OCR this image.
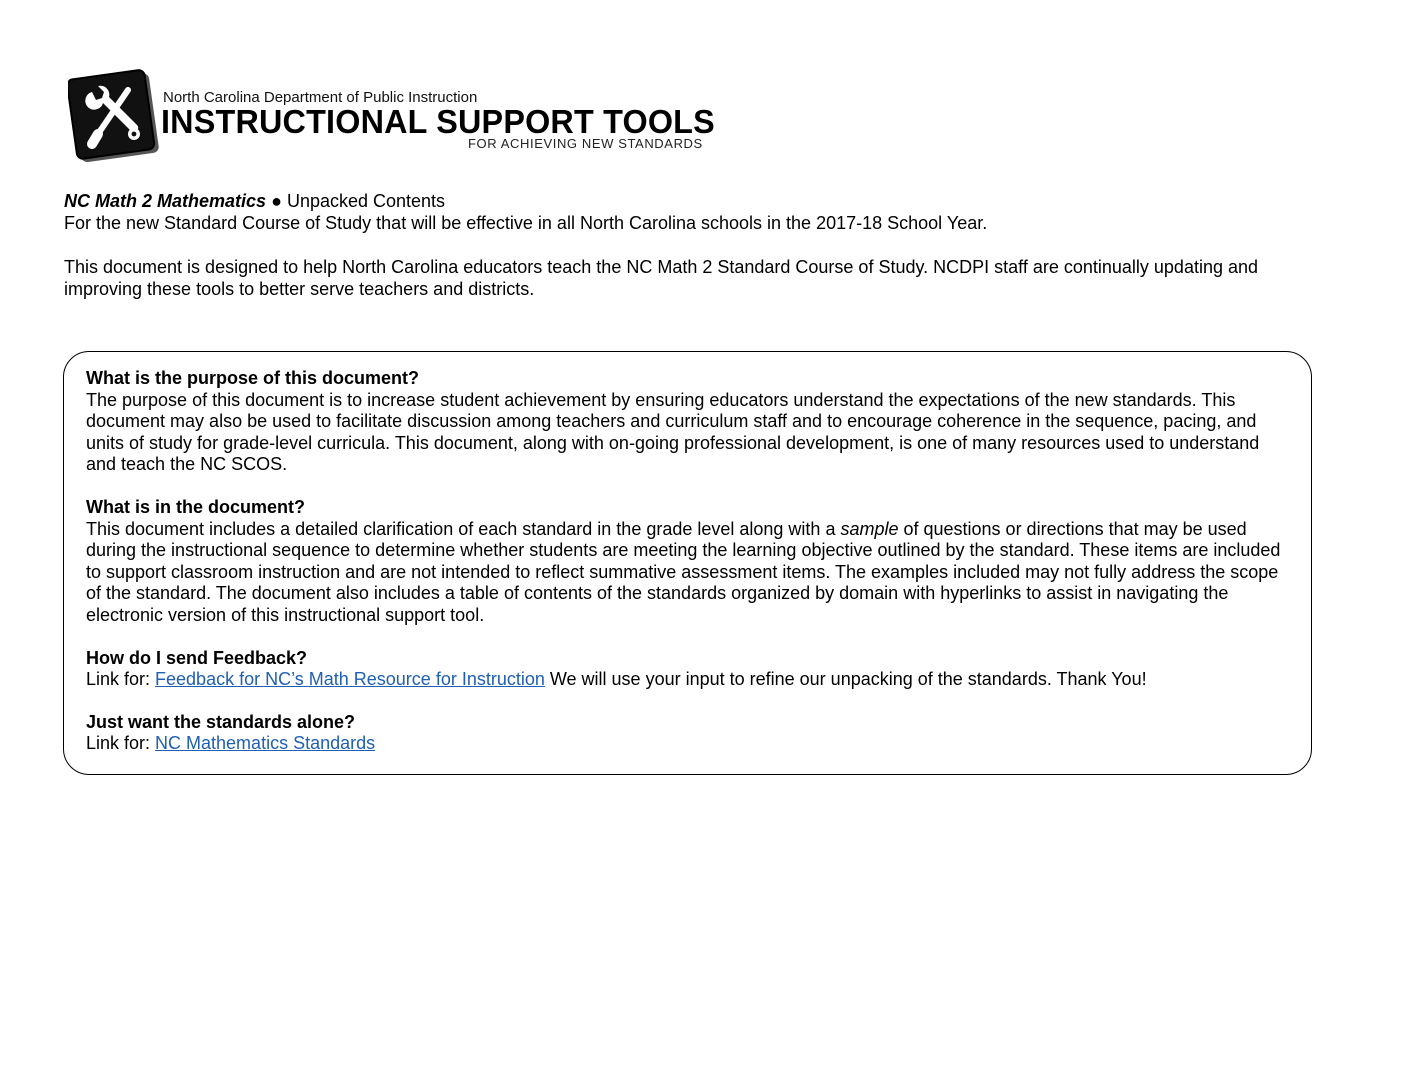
North Carolina Department of Public Instruction
INSTRUCTIONAL SUPPORT TOOLS
FOR ACHIEVING NEW STANDARDS

NC Math 2 Mathematics ● Unpacked Contents

For the new Standard Course of Study that will be effective in all North Carolina schools in the 2017-18 School Year.

This document is designed to help North Carolina educators teach the NC Math 2 Standard Course of Study. NCDPI staff are continually updating and improving these tools to better serve teachers and districts.

What is the purpose of this document?

The purpose of this document is to increase student achievement by ensuring educators understand the expectations of the new standards. This document may also be used to facilitate discussion among teachers and curriculum staff and to encourage coherence in the sequence, pacing, and units of study for grade-level curricula. This document, along with on-going professional development, is one of many resources used to understand and teach the NC SCOS.

What is in the document?

This document includes a detailed clarification of each standard in the grade level along with a sample of questions or directions that may be used during the instructional sequence to determine whether students are meeting the learning objective outlined by the standard. These items are included to support classroom instruction and are not intended to reflect summative assessment items. The examples included may not fully address the scope of the standard. The document also includes a table of contents of the standards organized by domain with hyperlinks to assist in navigating the electronic version of this instructional support tool.

How do I send Feedback?

Link for: Feedback for NC’s Math Resource for Instruction We will use your input to refine our unpacking of the standards. Thank You!

Just want the standards alone?

Link for: NC Mathematics Standards
